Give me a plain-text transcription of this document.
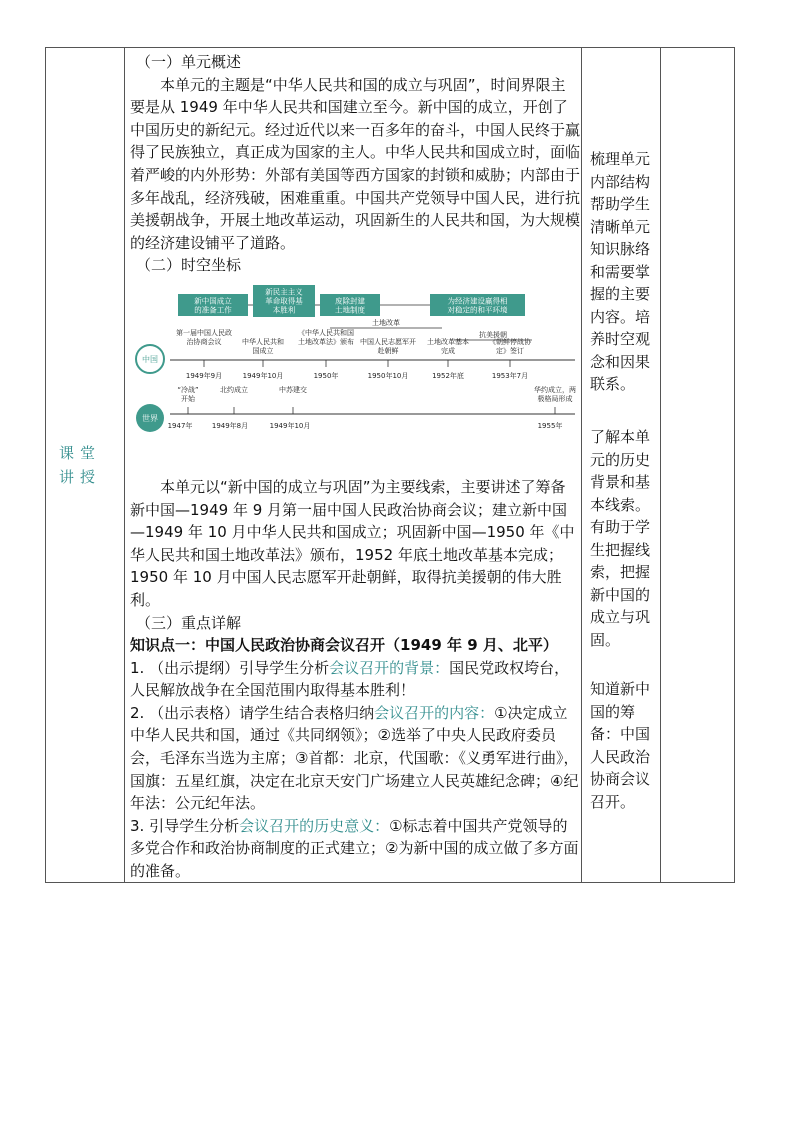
课堂讲授

（一）单元概述

本单元的主题是“中华人民共和国的成立与巩固”，时间界限主要是从 1949 年中华人民共和国建立至今。新中国的成立，开创了中国历史的新纪元。经过近代以来一百多年的奋斗，中国人民终于赢得了民族独立，真正成为国家的主人。中华人民共和国成立时，面临着严峻的内外形势：外部有美国等西方国家的封锁和威胁；内部由于多年战乱，经济残破，困难重重。中国共产党领导中国人民，进行抗美援朝战争，开展土地改革运动，巩固新生的人民共和国，为大规模的经济建设铺平了道路。

（二）时空坐标

新中国成立的准备工作
新民主主义革命取得基本胜利
废除封建土地制度
为经济建设赢得相对稳定的和平环境
土地改革
抗美援朝
中国
世界
第一届中国人民政治协商会议
1949年9月
中华人民共和国成立
1949年10月
《中华人民共和国土地改革法》颁布
1950年
中国人民志愿军开赴朝鲜
1950年10月
土地改革基本完成
1952年底
《朝鲜停战协定》签订
1953年7月
“冷战”开始
1947年
北约成立
1949年8月
中苏建交
1949年10月
华约成立，两极格局形成
1955年

本单元以“新中国的成立与巩固”为主要线索，主要讲述了筹备新中国—1949 年 9 月第一届中国人民政治协商会议；建立新中国—1949 年 10 月中华人民共和国成立；巩固新中国—1950 年《中华人民共和国土地改革法》颁布，1952 年底土地改革基本完成；1950 年 10 月中国人民志愿军开赴朝鲜，取得抗美援朝的伟大胜利。

（三）重点详解

知识点一：中国人民政治协商会议召开（1949 年 9 月、北平）

1. （出示提纲）引导学生分析会议召开的背景：国民党政权垮台，人民解放战争在全国范围内取得基本胜利！

2. （出示表格）请学生结合表格归纳会议召开的内容：①决定成立中华人民共和国，通过《共同纲领》；②选举了中央人民政府委员会，毛泽东当选为主席；③首都：北京，代国歌：《义勇军进行曲》，国旗：五星红旗，决定在北京天安门广场建立人民英雄纪念碑；④纪年法：公元纪年法。

3. 引导学生分析会议召开的历史意义：①标志着中国共产党领导的多党合作和政治协商制度的正式建立；②为新中国的成立做了多方面的准备。

梳理单元内部结构帮助学生清晰单元知识脉络和需要掌握的主要内容。培养时空观念和因果联系。
了解本单元的历史背景和基本线索。有助于学生把握线索，把握新中国的成立与巩固。
知道新中国的筹备：中国人民政治协商会议召开。
